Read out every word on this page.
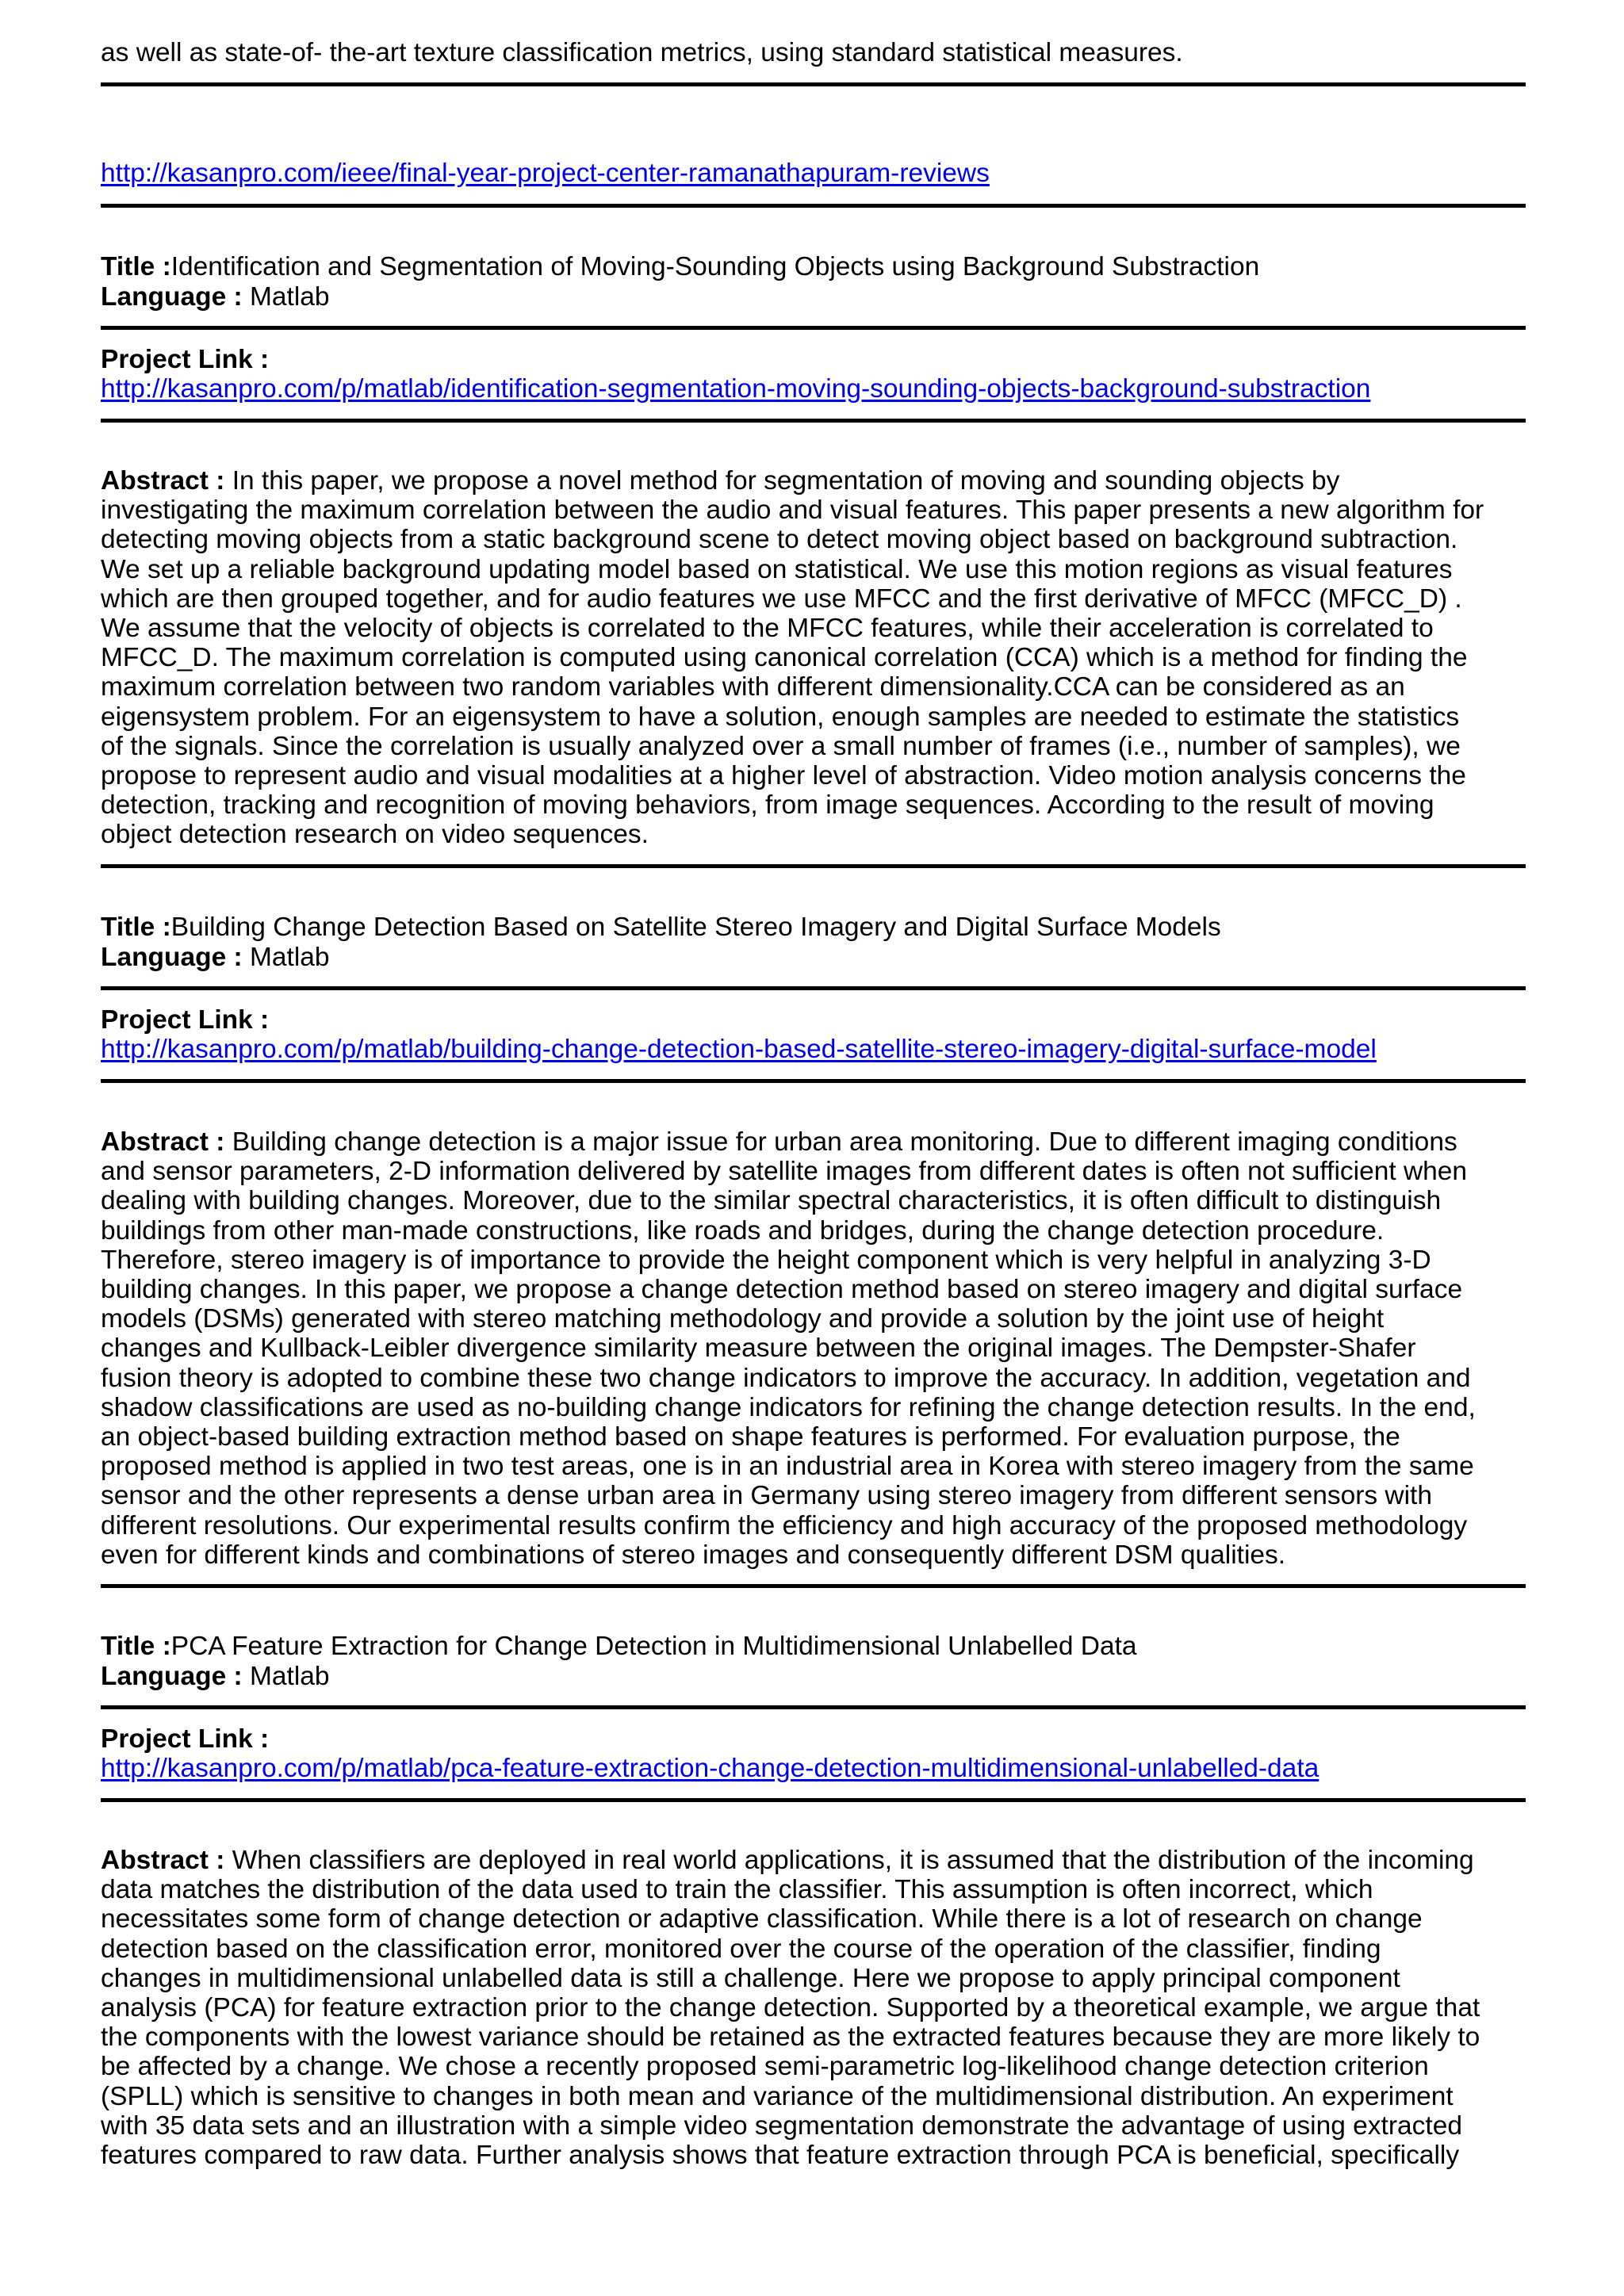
as well as state-of- the-art texture classification metrics, using standard statistical measures.
http://kasanpro.com/ieee/final-year-project-center-ramanathapuram-reviews
Title :Identification and Segmentation of Moving-Sounding Objects using Background Substraction
Language : Matlab
Project Link :
http://kasanpro.com/p/matlab/identification-segmentation-moving-sounding-objects-background-substraction
Abstract : In this paper, we propose a novel method for segmentation of moving and sounding objects by
investigating the maximum correlation between the audio and visual features. This paper presents a new algorithm for
detecting moving objects from a static background scene to detect moving object based on background subtraction.
We set up a reliable background updating model based on statistical. We use this motion regions as visual features
which are then grouped together, and for audio features we use MFCC and the first derivative of MFCC (MFCC_D) .
We assume that the velocity of objects is correlated to the MFCC features, while their acceleration is correlated to
MFCC_D. The maximum correlation is computed using canonical correlation (CCA) which is a method for finding the
maximum correlation between two random variables with different dimensionality.CCA can be considered as an
eigensystem problem. For an eigensystem to have a solution, enough samples are needed to estimate the statistics
of the signals. Since the correlation is usually analyzed over a small number of frames (i.e., number of samples), we
propose to represent audio and visual modalities at a higher level of abstraction. Video motion analysis concerns the
detection, tracking and recognition of moving behaviors, from image sequences. According to the result of moving
object detection research on video sequences.
Title :Building Change Detection Based on Satellite Stereo Imagery and Digital Surface Models
Language : Matlab
Project Link :
http://kasanpro.com/p/matlab/building-change-detection-based-satellite-stereo-imagery-digital-surface-model
Abstract : Building change detection is a major issue for urban area monitoring. Due to different imaging conditions
and sensor parameters, 2-D information delivered by satellite images from different dates is often not sufficient when
dealing with building changes. Moreover, due to the similar spectral characteristics, it is often difficult to distinguish
buildings from other man-made constructions, like roads and bridges, during the change detection procedure.
Therefore, stereo imagery is of importance to provide the height component which is very helpful in analyzing 3-D
building changes. In this paper, we propose a change detection method based on stereo imagery and digital surface
models (DSMs) generated with stereo matching methodology and provide a solution by the joint use of height
changes and Kullback-Leibler divergence similarity measure between the original images. The Dempster-Shafer
fusion theory is adopted to combine these two change indicators to improve the accuracy. In addition, vegetation and
shadow classifications are used as no-building change indicators for refining the change detection results. In the end,
an object-based building extraction method based on shape features is performed. For evaluation purpose, the
proposed method is applied in two test areas, one is in an industrial area in Korea with stereo imagery from the same
sensor and the other represents a dense urban area in Germany using stereo imagery from different sensors with
different resolutions. Our experimental results confirm the efficiency and high accuracy of the proposed methodology
even for different kinds and combinations of stereo images and consequently different DSM qualities.
Title :PCA Feature Extraction for Change Detection in Multidimensional Unlabelled Data
Language : Matlab
Project Link :
http://kasanpro.com/p/matlab/pca-feature-extraction-change-detection-multidimensional-unlabelled-data
Abstract : When classifiers are deployed in real world applications, it is assumed that the distribution of the incoming
data matches the distribution of the data used to train the classifier. This assumption is often incorrect, which
necessitates some form of change detection or adaptive classification. While there is a lot of research on change
detection based on the classification error, monitored over the course of the operation of the classifier, finding
changes in multidimensional unlabelled data is still a challenge. Here we propose to apply principal component
analysis (PCA) for feature extraction prior to the change detection. Supported by a theoretical example, we argue that
the components with the lowest variance should be retained as the extracted features because they are more likely to
be affected by a change. We chose a recently proposed semi-parametric log-likelihood change detection criterion
(SPLL) which is sensitive to changes in both mean and variance of the multidimensional distribution. An experiment
with 35 data sets and an illustration with a simple video segmentation demonstrate the advantage of using extracted
features compared to raw data. Further analysis shows that feature extraction through PCA is beneficial, specifically
